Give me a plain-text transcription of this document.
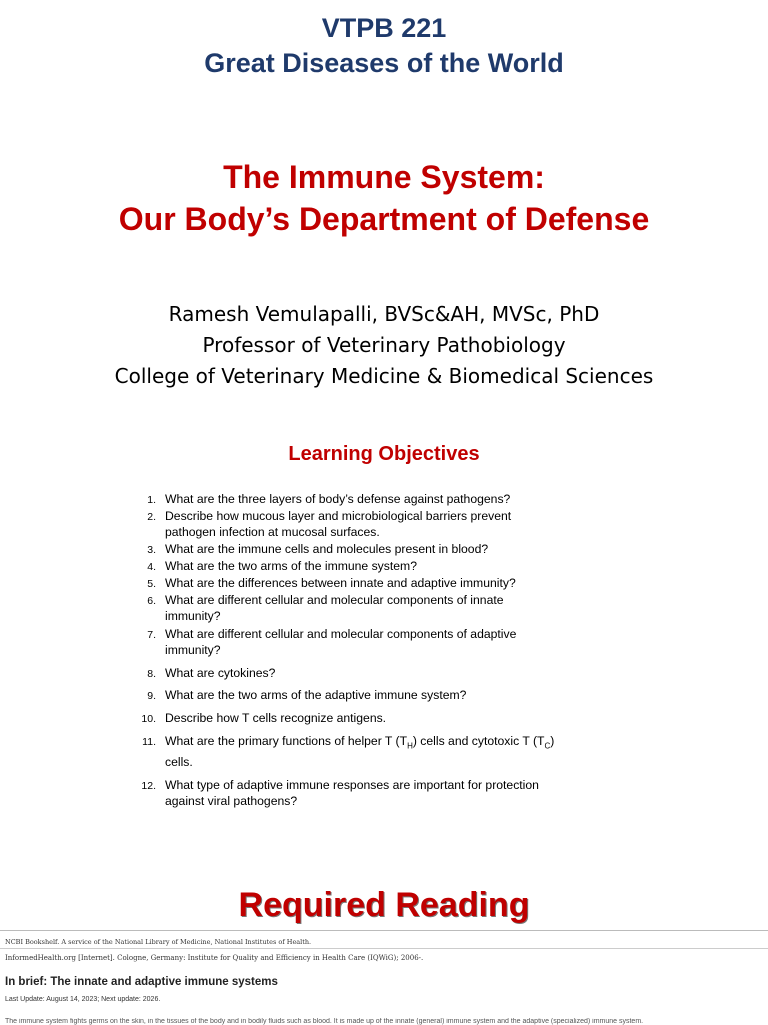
VTPB 221
Great Diseases of the World
The Immune System:
Our Body’s Department of Defense
Ramesh Vemulapalli, BVSc&AH, MVSc, PhD
Professor of Veterinary Pathobiology
College of Veterinary Medicine & Biomedical Sciences
Learning Objectives
1. What are the three layers of body’s defense against pathogens?
2. Describe how mucous layer and microbiological barriers prevent pathogen infection at mucosal surfaces.
3. What are the immune cells and molecules present in blood?
4. What are the two arms of the immune system?
5. What are the differences between innate and adaptive immunity?
6. What are different cellular and molecular components of innate immunity?
7. What are different cellular and molecular components of adaptive immunity?
8. What are cytokines?
9. What are the two arms of the adaptive immune system?
10. Describe how T cells recognize antigens.
11. What are the primary functions of helper T $(T_H)$ cells and cytotoxic T $(T_C)$ cells.
12. What type of adaptive immune responses are important for protection against viral pathogens?
Required Reading
NCBI Bookshelf. A service of the National Library of Medicine, National Institutes of Health.
InformedHealth.org [Internet]. Cologne, Germany: Institute for Quality and Efficiency in Health Care (IQWiG); 2006-.
In brief: The innate and adaptive immune systems
Last Update: August 14, 2023; Next update: 2026.
The immune system fights germs on the skin, in the tissues of the body and in bodily fluids such as blood. It is made up of the innate (general) immune system and the adaptive (specialized) immune system.
